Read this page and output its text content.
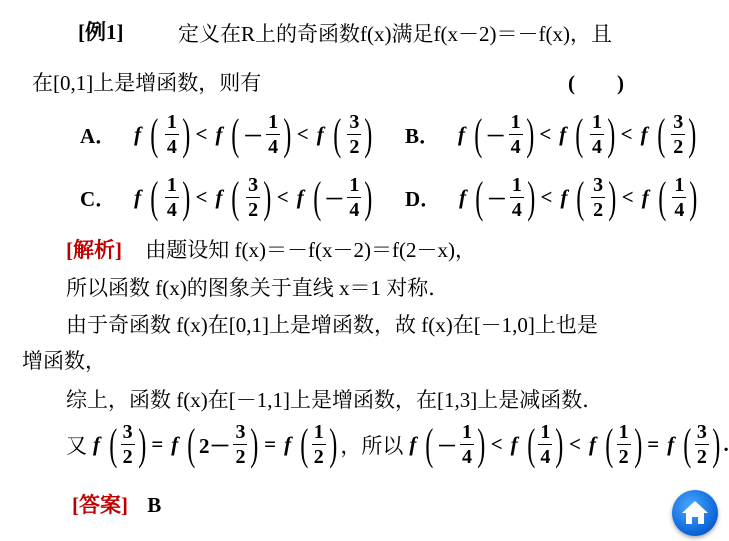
[例1]	定义在R上的奇函数f(x)满足f(x－2)＝－f(x)，且
在[0,1]上是增函数，则有	(　　)
A． f ( $\frac{1}{4}$ ) < f ( － $\frac{1}{4}$ ) < f ( $\frac{3}{2}$ ) B． f ( － $\frac{1}{4}$ ) < f ( $\frac{1}{4}$ ) < f ( $\frac{3}{2}$ )
C． f ( $\frac{1}{4}$ ) < f ( $\frac{3}{2}$ ) < f ( － $\frac{1}{4}$ ) D． f ( － $\frac{1}{4}$ ) < f ( $\frac{3}{2}$ ) < f ( $\frac{1}{4}$ )
[解析] 由题设知 f(x)＝－f(x－2)＝f(2－x)，
所以函数 f(x)的图象关于直线 x＝1 对称．
由于奇函数 f(x)在[0,1]上是增函数，故 f(x)在[－1,0]上也是
增函数，
综上，函数 f(x)在[－1,1]上是增函数，在[1,3]上是减函数．
又 f ( $\frac{3}{2}$ ) = f ( $2- \frac{3}{2}$ ) = f ( $\frac{1}{2}$ ) ，所以 f ( － $\frac{1}{4}$ ) < f ( $\frac{1}{4}$ ) < f ( $\frac{1}{2}$ ) = f ( $\frac{3}{2}$ ) .
[答案] B
